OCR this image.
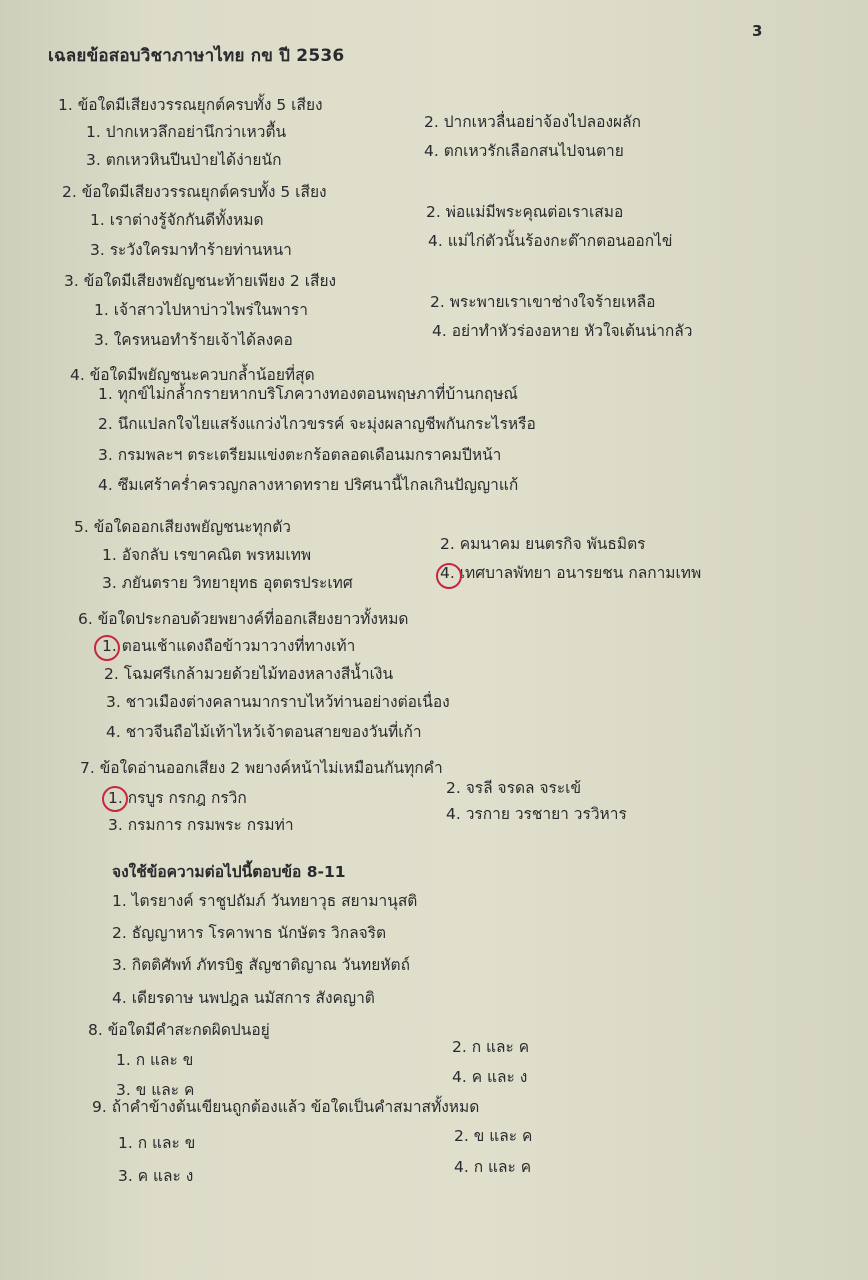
3
เฉลยข้อสอบวิชาภาษาไทย กข ปี 2536
1. ข้อใดมีเสียงวรรณยุกต์ครบทั้ง 5 เสียง
1. ปากเหวลึกอย่านึกว่าเหวตื้น
2. ปากเหวลื่นอย่าจ้องไปลองผลัก
3. ตกเหวหินปีนป่ายได้ง่ายนัก	4. ตกเหวรักเลือกสนไปจนตาย
2. ข้อใดมีเสียงวรรณยุกต์ครบทั้ง 5 เสียง
1. เราต่างรู้จักกันดีทั้งหมด	2. พ่อแม่มีพระคุณต่อเราเสมอ
3. ระวังใครมาทำร้ายท่านหนา	4. แม่ไก่ตัวนั้นร้องกะต๊ากตอนออกไข่
3. ข้อใดมีเสียงพยัญชนะท้ายเพียง 2 เสียง
1. เจ้าสาวไปหาบ่าวไพร่ในพารา	2. พระพายเราเขาช่างใจร้ายเหลือ
3. ใครหนอทำร้ายเจ้าได้ลงคอ	4. อย่าทำหัวร่องอหาย หัวใจเต้นน่ากลัว
4. ข้อใดมีพยัญชนะควบกล้ำน้อยที่สุด
1. ทุกข์ไม่กล้ำกรายหากบริโภควางทองตอนพฤษภาที่บ้านกฤษณ์
2. นึกแปลกใจไยแสร้งแกว่งไกวขรรค์ จะมุ่งผลาญชีพกันกระไรหรือ
3. กรมพละฯ ตระเตรียมแข่งตะกร้อตลอดเดือนมกราคมปีหน้า
4. ซึมเศร้าคร่ำครวญกลางหาดทราย ปริศนานี้ไกลเกินปัญญาแก้
5. ข้อใดออกเสียงพยัญชนะทุกตัว
1. อัจกลับ เรขาคณิต พรหมเทพ
2. คมนาคม ยนตรกิจ พันธมิตร
3. ภยันตราย วิทยายุทธ อุตตรประเทศ
4. เทศบาลพัทยา อนารยชน กลกามเทพ
6. ข้อใดประกอบด้วยพยางค์ที่ออกเสียงยาวทั้งหมด
1. ตอนเช้าแดงถือข้าวมาวางที่ทางเท้า
2. โฉมศรีเกล้ามวยด้วยไม้ทองหลางสีน้ำเงิน
3. ชาวเมืองต่างคลานมากราบไหว้ท่านอย่างต่อเนื่อง
4. ชาวจีนถือไม้เท้าไหว้เจ้าตอนสายของวันที่เก้า
7. ข้อใดอ่านออกเสียง 2 พยางค์หน้าไม่เหมือนกันทุกคำ
1. กรบูร กรกฎ กรวิก
2. จรลี จรดล จระเข้
3. กรมการ กรมพระ กรมท่า
4. วรกาย วรชายา วรวิหาร
จงใช้ข้อความต่อไปนี้ตอบข้อ 8-11
1. ไตรยางค์ ราชูปถัมภ์ วันทยาวุธ สยามานุสติ
2. ธัญญาหาร โรคาพาธ นักษัตร วิกลจริต
3. กิตติศัพท์ ภัทรบิฐ สัญชาติญาณ วันทยหัตถ์
4. เดียรดาษ นพปฎล นมัสการ สังคญาติ
8. ข้อใดมีคำสะกดผิดปนอยู่
1. ก และ ข
2. ก และ ค
3. ข และ ค
4. ค และ ง
9. ถ้าคำข้างต้นเขียนถูกต้องแล้ว ข้อใดเป็นคำสมาสทั้งหมด
1. ก และ ข	2. ข และ ค
3. ค และ ง	4. ก และ ค
